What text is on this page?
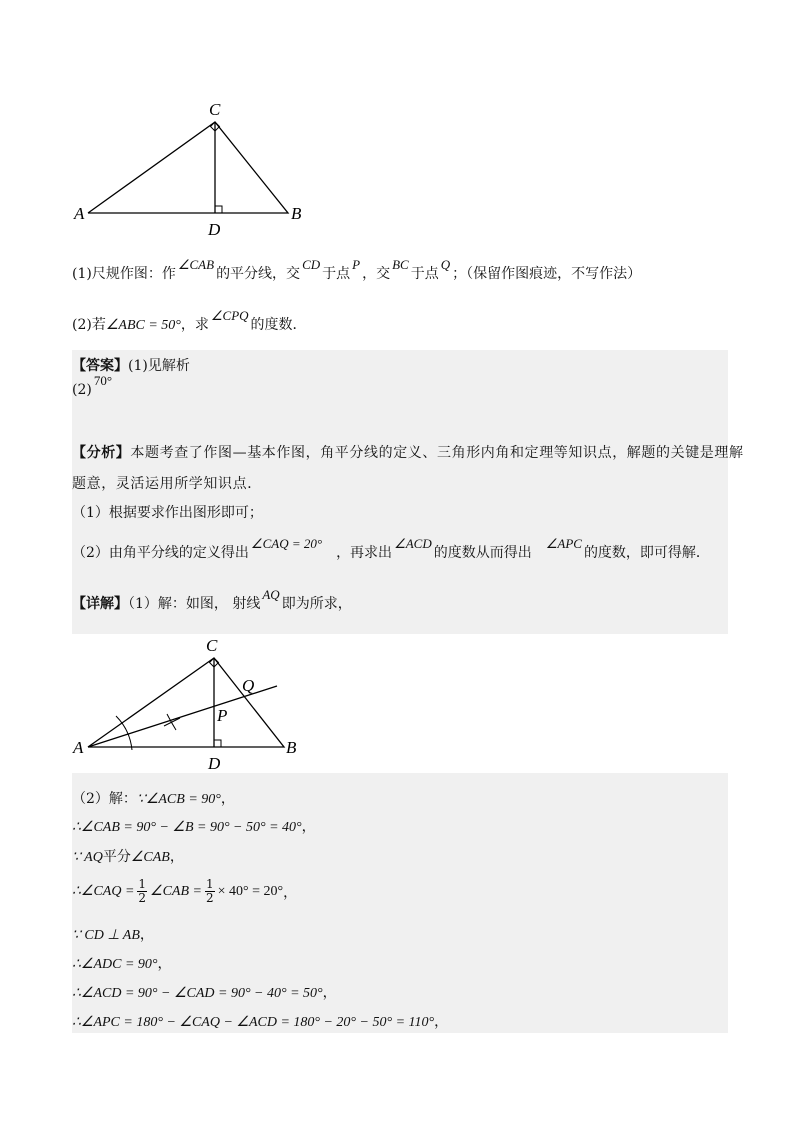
C
A	B
D
(1)尺规作图：作∠CAB的平分线，交CD于点P，交BC于点Q；（保留作图痕迹，不写作法）
(2)若∠ABC = 50°，求∠CPQ的度数．
【答案】(1)见解析
(2)70°
【分析】本题考查了作图—基本作图，角平分线的定义、三角形内角和定理等知识点，解题的关键是理解
题意，灵活运用所学知识点．
（1）根据要求作出图形即可；
（2）由角平分线的定义得出∠CAQ = 20°，再求出∠ACD的度数从而得出∠APC的度数，即可得解．
【详解】（1）解：如图， 射线AQ即为所求，
C
A	B
D
P
Q
（2）解：∵∠ACB = 90°，
∴∠CAB = 90° − ∠B = 90° − 50° = 40°，
∵ AQ平分∠CAB，
∴∠CAQ = $\frac{1}{2}$ ∠CAB = $\frac{1}{2} \times 40^\circ = 20^\circ$ ，
∵ CD ⊥ AB，
∴∠ADC = 90°，
∴∠ACD = 90° − ∠CAD = 90° − 40° = 50°，
∴∠APC = 180° − ∠CAQ − ∠ACD = 180° − 20° − 50° = 110°，
